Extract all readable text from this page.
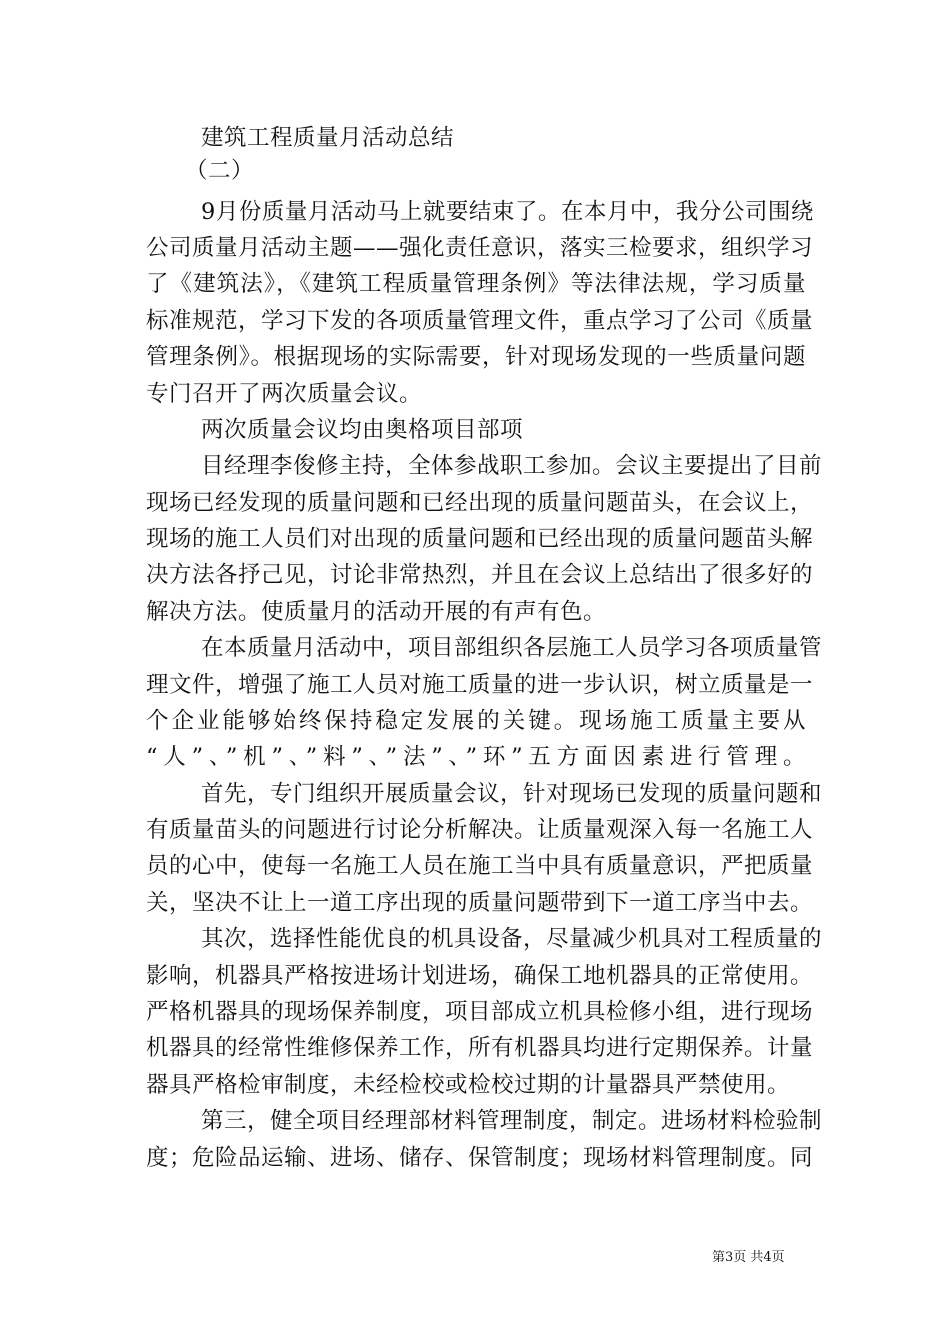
建筑工程质量月活动总结
（二）
9月份质量月活动马上就要结束了。在本月中，我分公司围绕
公司质量月活动主题——强化责任意识，落实三检要求，组织学习
了《建筑法》，《建筑工程质量管理条例》等法律法规，学习质量
标准规范，学习下发的各项质量管理文件，重点学习了公司《质量
管理条例》。根据现场的实际需要，针对现场发现的一些质量问题
专门召开了两次质量会议。
两次质量会议均由奥格项目部项
目经理李俊修主持，全体参战职工参加。会议主要提出了目前
现场已经发现的质量问题和已经出现的质量问题苗头，在会议上，
现场的施工人员们对出现的质量问题和已经出现的质量问题苗头解
决方法各抒己见，讨论非常热烈，并且在会议上总结出了很多好的
解决方法。使质量月的活动开展的有声有色。
在本质量月活动中，项目部组织各层施工人员学习各项质量管
理文件，增强了施工人员对施工质量的进一步认识，树立质量是一
个企业能够始终保持稳定发展的关键。现场施工质量主要从
“人”、”机”、”料”、”法”、”环”五方面因素进行管理。
首先，专门组织开展质量会议，针对现场已发现的质量问题和
有质量苗头的问题进行讨论分析解决。让质量观深入每一名施工人
员的心中，使每一名施工人员在施工当中具有质量意识，严把质量
关，坚决不让上一道工序出现的质量问题带到下一道工序当中去。
其次，选择性能优良的机具设备，尽量减少机具对工程质量的
影响，机器具严格按进场计划进场，确保工地机器具的正常使用。
严格机器具的现场保养制度，项目部成立机具检修小组，进行现场
机器具的经常性维修保养工作，所有机器具均进行定期保养。计量
器具严格检审制度，未经检校或检校过期的计量器具严禁使用。
第三，健全项目经理部材料管理制度，制定。进场材料检验制
度；危险品运输、进场、储存、保管制度；现场材料管理制度。同
第3页 共4页
